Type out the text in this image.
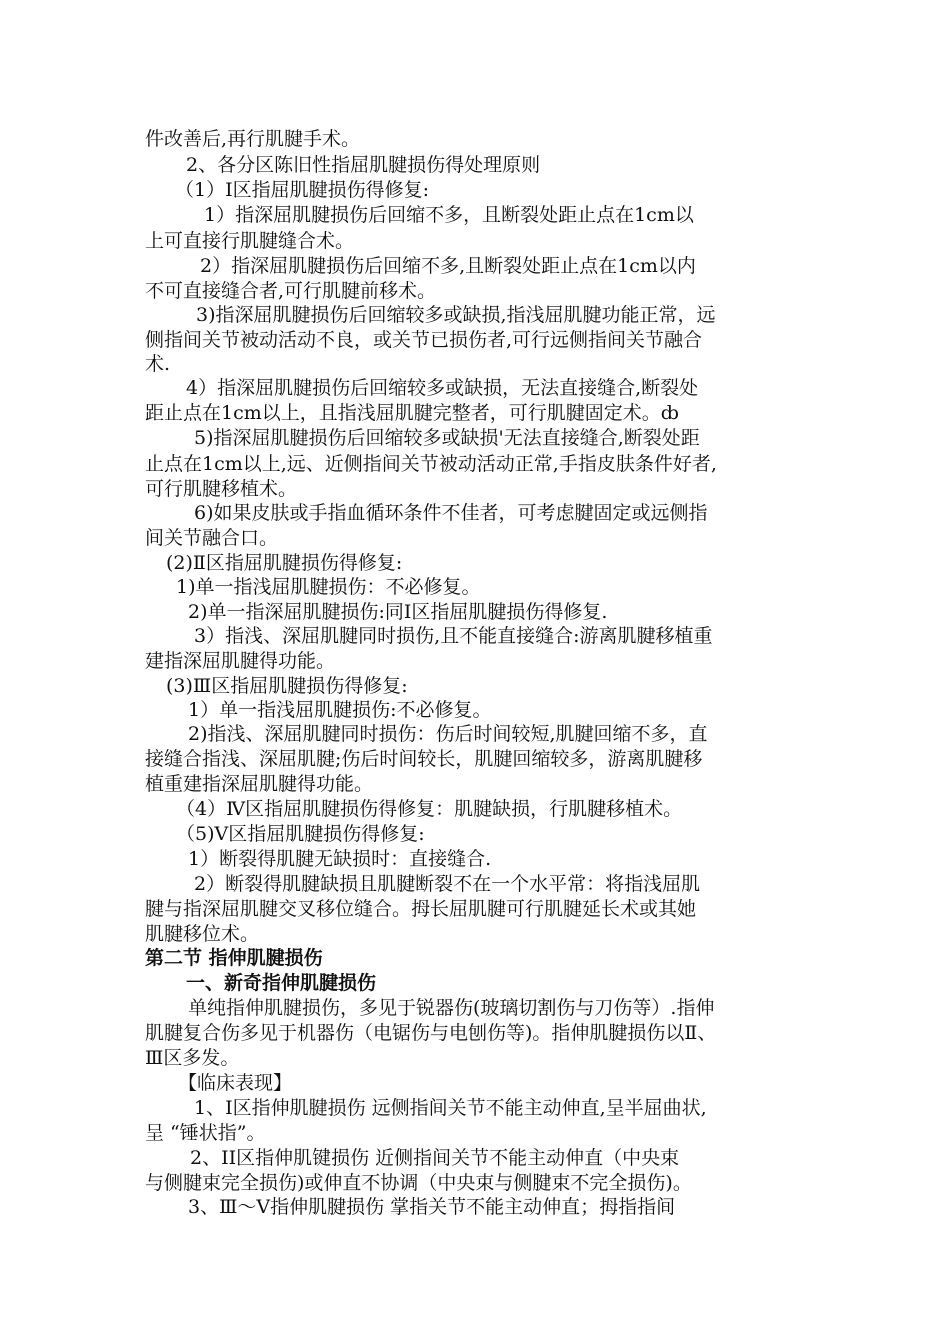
件改善后,再行肌腱手术。
2、各分区陈旧性指屈肌腱损伤得处理原则
（1）Ⅰ区指屈肌腱损伤得修复:
1）指深屈肌腱损伤后回缩不多，且断裂处距止点在1cm以
上可直接行肌腱缝合术。
2）指深屈肌腱损伤后回缩不多,且断裂处距止点在1cm以内
不可直接缝合者,可行肌腱前移术。
3)指深屈肌腱损伤后回缩较多或缺损,指浅屈肌腱功能正常，远
侧指间关节被动活动不良，或关节已损伤者,可行远侧指间关节融合
术.
4）指深屈肌腱损伤后回缩较多或缺损，无法直接缝合,断裂处
距止点在1cm以上，且指浅屈肌腱完整者，可行肌腱固定术。ȸ
5)指深屈肌腱损伤后回缩较多或缺损'无法直接缝合,断裂处距
止点在1cm以上,远、近侧指间关节被动活动正常,手指皮肤条件好者,
可行肌腱移植术。
6)如果皮肤或手指血循环条件不佳者，可考虑腱固定或远侧指
间关节融合口。
(2)Ⅱ区指屈肌腱损伤得修复:
1)单一指浅屈肌腱损伤：不必修复。
2)单一指深屈肌腱损伤:同Ⅰ区指屈肌腱损伤得修复.
3）指浅、深屈肌腱同时损伤,且不能直接缝合:游离肌腱移植重
建指深屈肌腱得功能。
(3)Ⅲ区指屈肌腱损伤得修复:
1）单一指浅屈肌腱损伤:不必修复。
2)指浅、深屈肌腱同时损伤：伤后时间较短,肌腱回缩不多，直
接缝合指浅、深屈肌腱;伤后时间较长，肌腱回缩较多，游离肌腱移
植重建指深屈肌腱得功能。
（4）Ⅳ区指屈肌腱损伤得修复：肌腱缺损，行肌腱移植术。
（5)Ⅴ区指屈肌腱损伤得修复:
1）断裂得肌腱无缺损时：直接缝合.
2）断裂得肌腱缺损且肌腱断裂不在一个水平常：将指浅屈肌
腱与指深屈肌腱交叉移位缝合。拇长屈肌腱可行肌腱延长术或其她
肌腱移位术。
第二节 指伸肌腱损伤
一、新奇指伸肌腱损伤
单纯指伸肌腱损伤，多见于锐器伤(玻璃切割伤与刀伤等）.指伸
肌腱复合伤多见于机器伤（电锯伤与电刨伤等)。指伸肌腱损伤以Ⅱ、
Ⅲ区多发。
【临床表现】
1、Ⅰ区指伸肌腱损伤 远侧指间关节不能主动伸直,呈半屈曲状,
呈 “锤状指”。
2、ⅠⅠ区指伸肌键损伤 近侧指间关节不能主动伸直（中央束
与侧腱束完全损伤)或伸直不协调（中央束与侧腱束不完全损伤)。
3、Ⅲ～Ⅴ指伸肌腱损伤 掌指关节不能主动伸直；拇指指间
